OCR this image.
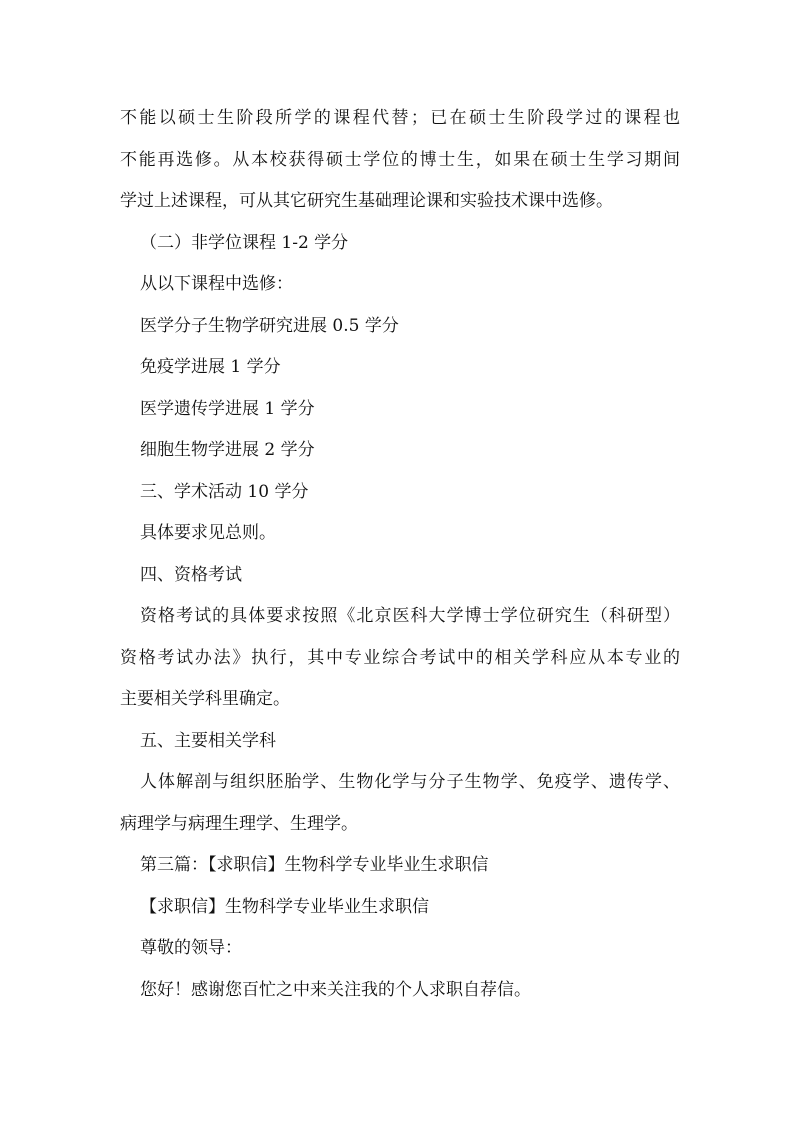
不能以硕士生阶段所学的课程代替；已在硕士生阶段学过的课程也

不能再选修。从本校获得硕士学位的博士生，如果在硕士生学习期间

学过上述课程，可从其它研究生基础理论课和实验技术课中选修。

（二）非学位课程 1-2 学分

从以下课程中选修：

医学分子生物学研究进展 0.5 学分

免疫学进展 1 学分

医学遗传学进展 1 学分

细胞生物学进展 2 学分

三、学术活动 10 学分

具体要求见总则。

四、资格考试

资格考试的具体要求按照《北京医科大学博士学位研究生（科研型）

资格考试办法》执行，其中专业综合考试中的相关学科应从本专业的

主要相关学科里确定。

五、主要相关学科

人体解剖与组织胚胎学、生物化学与分子生物学、免疫学、遗传学、

病理学与病理生理学、生理学。

第三篇：【求职信】生物科学专业毕业生求职信

【求职信】生物科学专业毕业生求职信

尊敬的领导：

您好！感谢您百忙之中来关注我的个人求职自荐信。
